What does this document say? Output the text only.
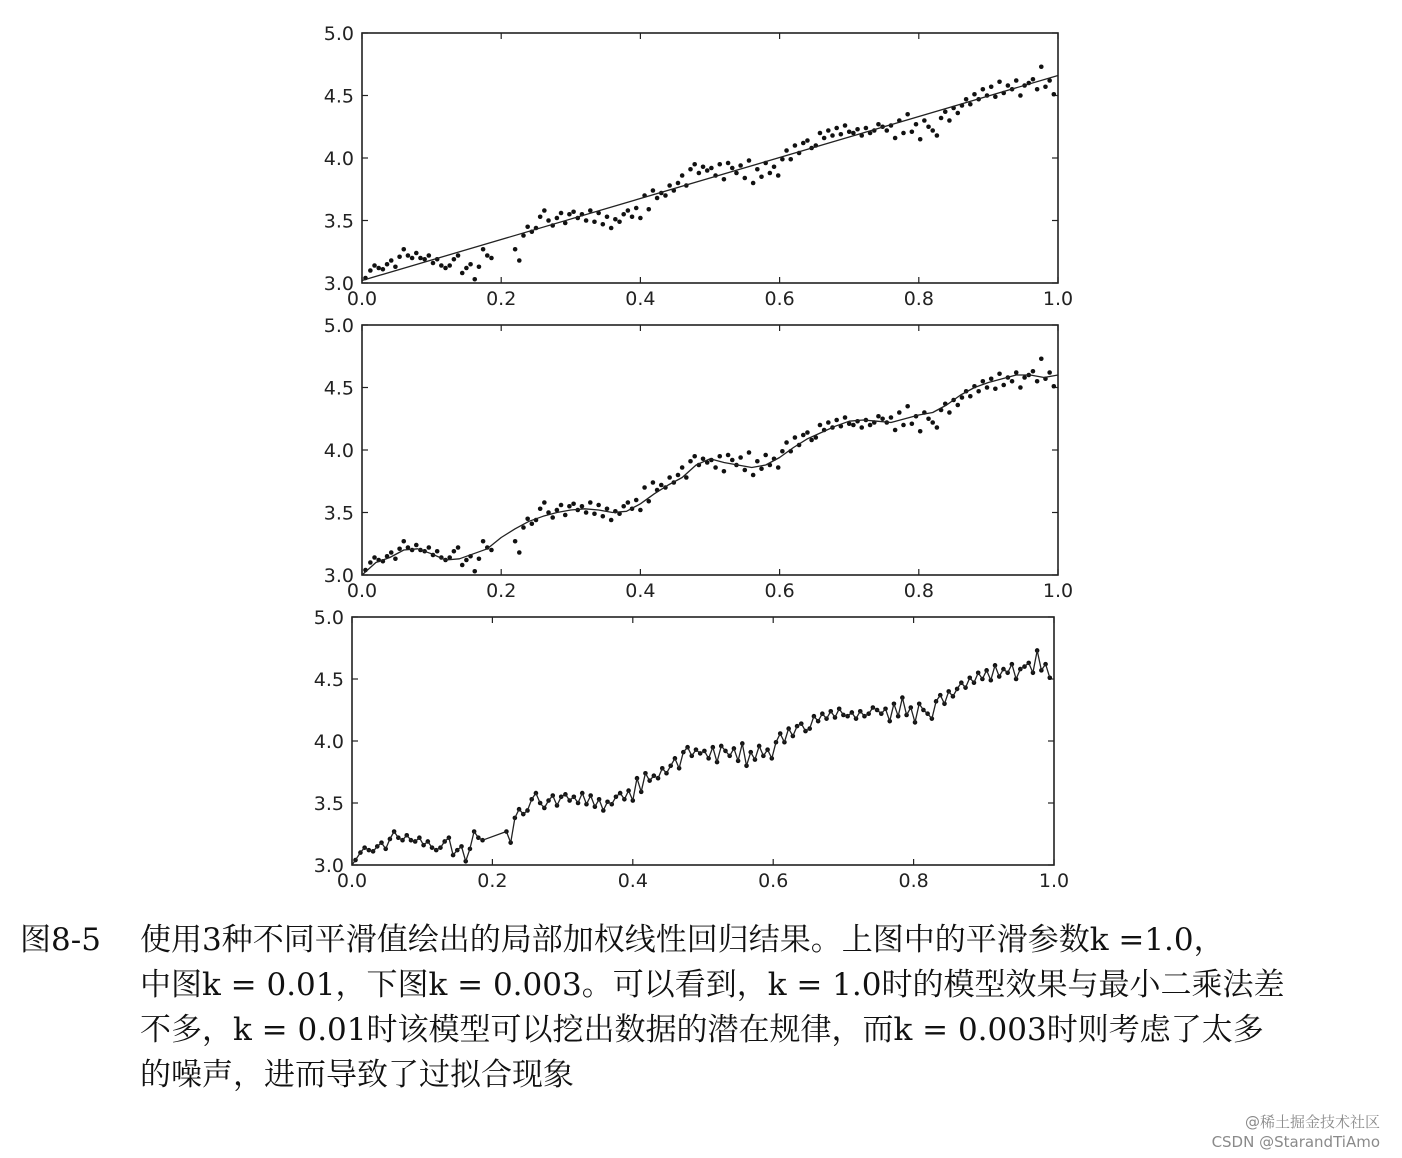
0.0	0.2	0.4	0.6	0.8	1.0
3.0
3.5
4.0
4.5
5.0
0.0	0.2	0.4	0.6	0.8	1.0
3.0
3.5
4.0
4.5
5.0
0.0	0.2	0.4	0.6	0.8	1.0
3.0
3.5
4.0
4.5
5.0
图8-5 使用3种不同平滑值绘出的局部加权线性回归结果。上图中的平滑参数k =1.0，
中图k = 0.01，下图k = 0.003。可以看到，k = 1.0时的模型效果与最小二乘法差
不多，k = 0.01时该模型可以挖出数据的潜在规律，而k = 0.003时则考虑了太多
的噪声，进而导致了过拟合现象
@稀土掘金技术社区
CSDN @StarandTiAmo
